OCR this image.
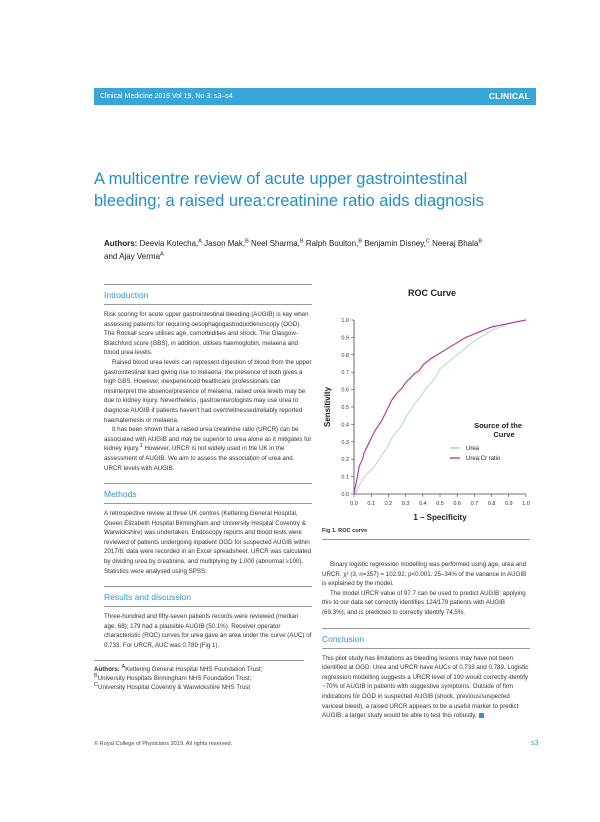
Clinical Medicine 2019 Vol 19, No 3: s3–s4	CLINICAL
A multicentre review of acute upper gastrointestinal bleeding; a raised urea:creatinine ratio aids diagnosis
Authors: Deevia Kotecha,$^A$ Jason Mak,$^B$ Neel Sharma,$^B$ Ralph Boulton,$^B$ Benjamin Disney,$^C$ Neeraj Bhala$^B$
and Ajay Verma$^A$

Introduction

Risk scoring for acute upper gastrointestinal bleeding (AUGIB) is key when assessing patients for requiring oesophagogastroduodenoscopy (OGD). The Rockall score utilises age, comorbidities and shock. The Glasgow-Blatchford score (GBS), in addition, utilises haemoglobin, melaena and blood urea levels.

Raised blood urea levels can represent digestion of blood from the upper gastrointestinal tract giving rise to melaena; the presence of both gives a high GBS. However, inexperienced healthcare professionals can misinterpret the absence/presence of melaena, raised urea levels may be due to kidney injury. Nevertheless, gastroenterologists may use urea to diagnose AUGIB if patients haven't had overt/witnessed/reliably reported haematemesis or melaena.

It has been shown that a raised urea:creatinine ratio (URCR) can be associated with AUGIB and may be superior to urea alone as it mitigates for kidney injury.$^1$ However, URCR is not widely used in the UK in the assessment of AUGIB. We aim to assess the association of urea and URCR levels with AUGIB.

Methods

A retrospective review at three UK centres (Kettering General Hospital, Queen Elizabeth Hospital Birmingham and University Hospital Coventry & Warwickshire) was undertaken. Endoscopy reports and blood tests were reviewed of patients undergoing inpatient OGD for suspected AUGIB within 2017/8; data were recorded in an Excel spreadsheet. URCR was calculated by dividing urea by creatinine, and multiplying by 1,000 (abnormal ≥100). Statistics were analysed using SPSS.

Results and discussion

Three-hundred and fifty-seven patients records were reviewed (median age, 68); 179 had a plausible AUGIB (50.1%). Receiver operator characteristic (ROC) curves for urea gave an area under the curve (AUC) of 0.733. For URCR, AUC was 0.789 (Fig 1).

Authors: $^A$Kettering General Hospital NHS Foundation Trust;
$^B$University Hospitals Birmingham NHS Foundation Trust;
$^C$University Hospital Coventry & Warwickshire NHS Trust
ROC Curve
0.0 0.1 0.2 0.3 0.4 0.5 0.6 0.7 0.8 0.9 1.0
0.0
0.1
0.2
0.3
0.4
0.5
0.6
0.7
0.8
0.9
1.0
1 – Specificity
Sensitivity	Source of the
Curve
Urea
Urea:Cr ratio
Fig 1. ROC curve

Binary logistic regression modelling was performed using age, urea and URCR. χ² (3, n=357) = 102.92, p<0.001. 25–34% of the variance in AUGIB is explained by the model.

The model URCR value of 97.7 can be used to predict AUGIB; applying this to our data set correctly identifies 124/179 patients with AUGIB (69.3%), and is predicted to correctly identify 74.5%.

Conclusion

This pilot study has limitations as bleeding lesions may have not been identified at OGD. Urea and URCR have AUCs of 0.733 and 0.789. Logistic regression modelling suggests a URCR level of 100 would correctly identify ~70% of AUGIB in patients with suggestive symptoms. Outside of firm indications for OGD in suspected AUGIB (shock, previous/suspected variceal bleed), a raised URCR appears to be a useful marker to predict AUGIB; a larger study would be able to test this robustly.

© Royal College of Physicians 2019. All rights reserved.	s3
